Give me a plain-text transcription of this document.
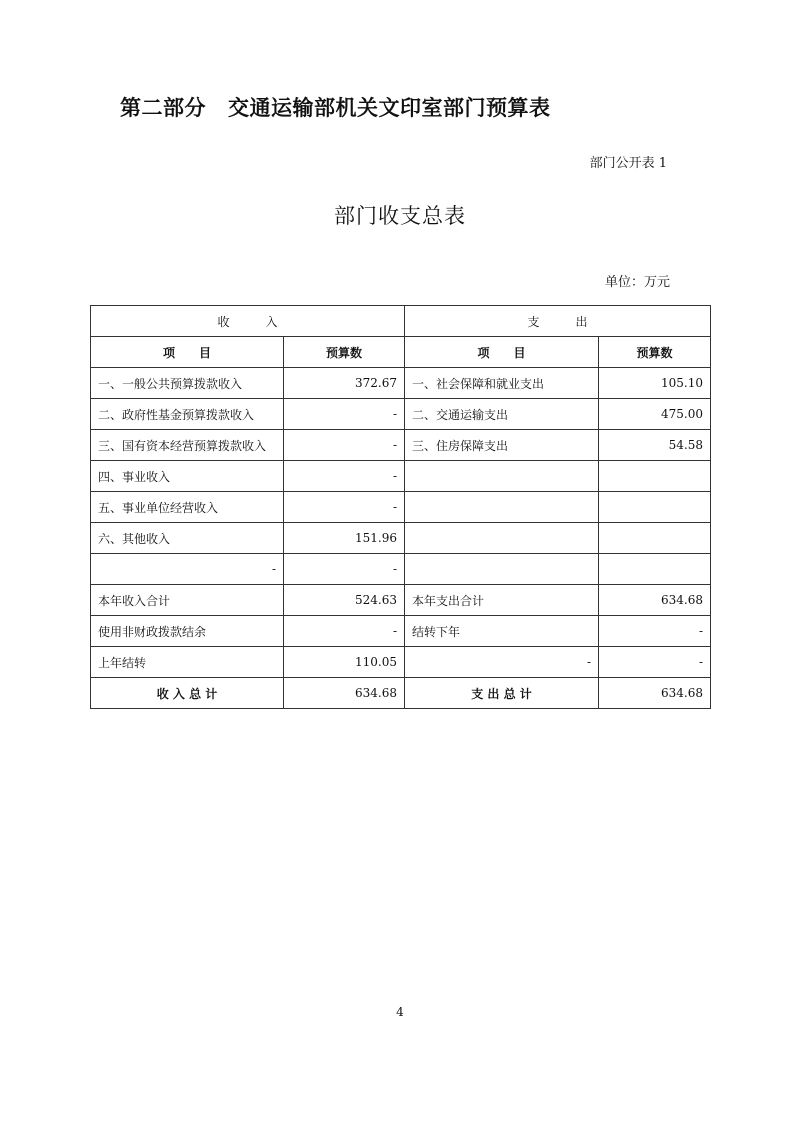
第二部分 交通运输部机关文印室部门预算表
部门公开表 1
部门收支总表
单位：万元
收　　　入		支　　　出	
项　　目	预算数	项　　目	预算数
一、一般公共预算拨款收入	372.67	一、社会保障和就业支出	105.10
二、政府性基金预算拨款收入	-	二、交通运输支出	475.00
三、国有资本经营预算拨款收入	-	三、住房保障支出	54.58
四、事业收入	-		
五、事业单位经营收入	-		
六、其他收入	151.96		
-	-		
本年收入合计	524.63	本年支出合计	634.68
使用非财政拨款结余	-	结转下年	-
上年结转	110.05	-	-
收 入 总 计	634.68	支 出 总 计	634.68
4
